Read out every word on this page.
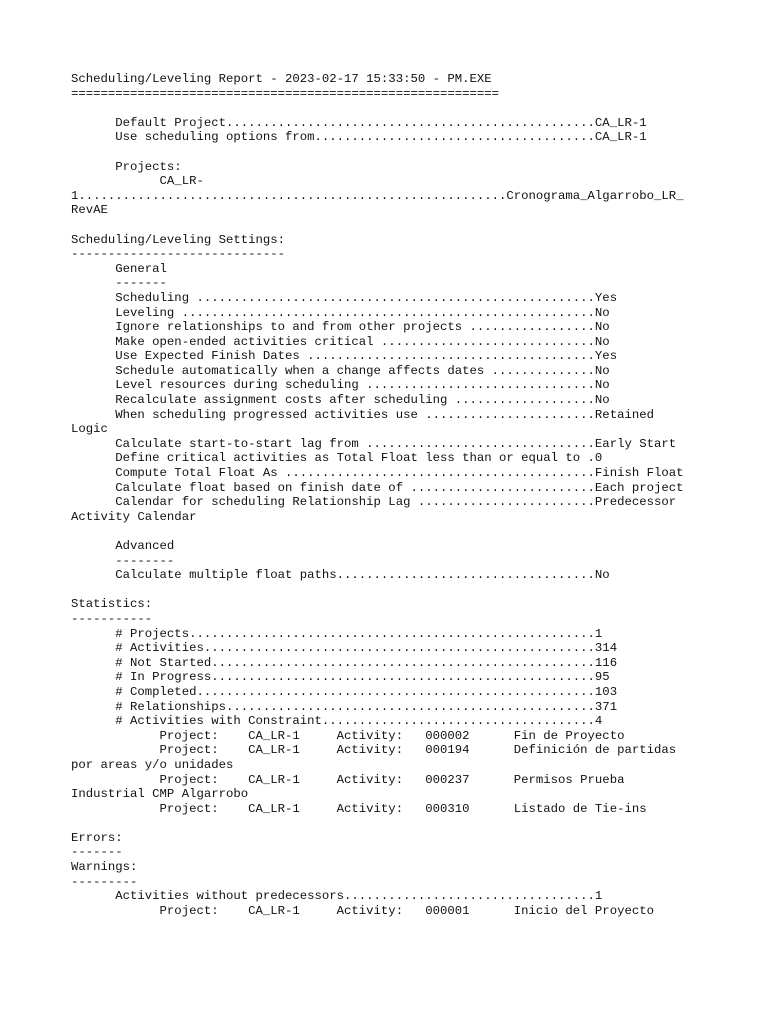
Scheduling/Leveling Report - 2023-02-17 15:33:50 - PM.EXE
==========================================================
Default Project..................................................CA_LR-1
Use scheduling options from......................................CA_LR-1
Projects:
CA_LR-
1..........................................................Cronograma_Algarrobo_LR_
RevAE
Scheduling/Leveling Settings:
-----------------------------
General
-------
Scheduling ......................................................Yes
Leveling ........................................................No
Ignore relationships to and from other projects .................No
Make open-ended activities critical .............................No
Use Expected Finish Dates .......................................Yes
Schedule automatically when a change affects dates ..............No
Level resources during scheduling ...............................No
Recalculate assignment costs after scheduling ...................No
When scheduling progressed activities use .......................Retained
Logic
Calculate start-to-start lag from ...............................Early Start
Define critical activities as Total Float less than or equal to .0
Compute Total Float As ..........................................Finish Float
Calculate float based on finish date of .........................Each project
Calendar for scheduling Relationship Lag ........................Predecessor
Activity Calendar
Advanced
--------
Calculate multiple float paths...................................No
Statistics:
-----------
# Projects.......................................................1
# Activities.....................................................314
# Not Started....................................................116
# In Progress....................................................95
# Completed......................................................103
# Relationships..................................................371
# Activities with Constraint.....................................4
Project:    CA_LR-1     Activity:   000002      Fin de Proyecto
Project:    CA_LR-1     Activity:   000194      Definición de partidas
por areas y/o unidades
Project:    CA_LR-1     Activity:   000237      Permisos Prueba
Industrial CMP Algarrobo
Project:    CA_LR-1     Activity:   000310      Listado de Tie-ins
Errors:
-------
Warnings:
---------
Activities without predecessors..................................1
Project:    CA_LR-1     Activity:   000001      Inicio del Proyecto
